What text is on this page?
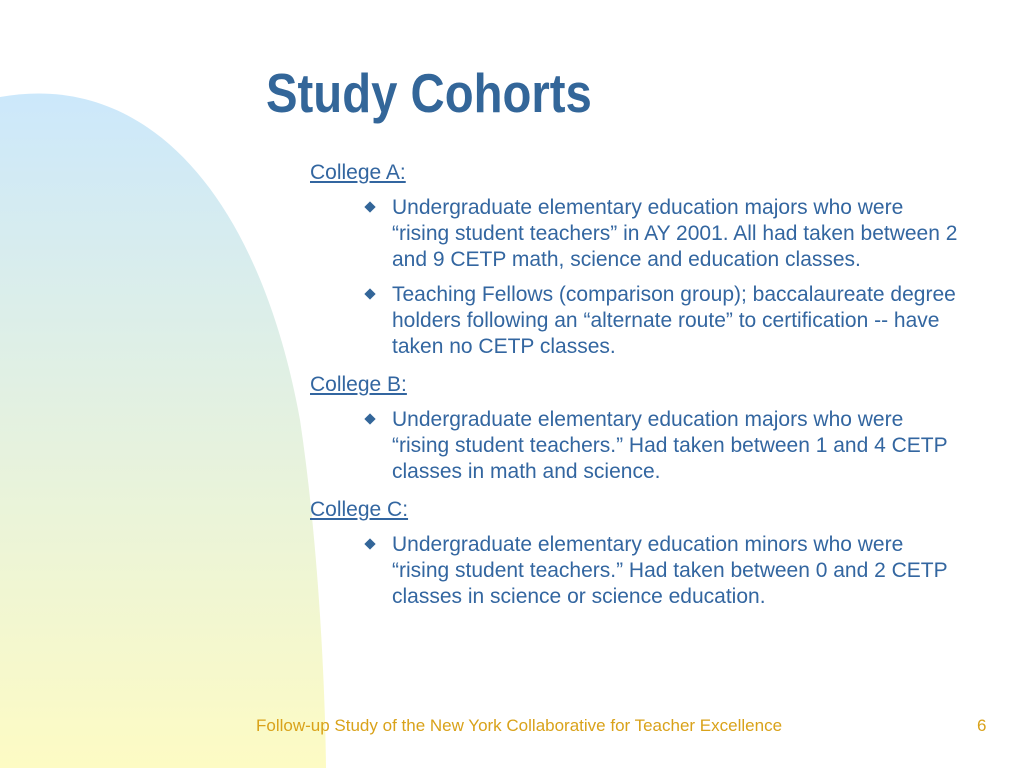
Study Cohorts
College A:
Undergraduate elementary education majors who were “rising student teachers” in AY 2001. All had taken between 2 and 9 CETP math, science and education classes.
Teaching Fellows (comparison group); baccalaureate degree holders following an “alternate route” to certification -- have taken no CETP classes.
College B:
Undergraduate elementary education majors who were “rising student teachers.” Had taken between 1 and 4 CETP classes in math and science.
College C:
Undergraduate elementary education minors who were “rising student teachers.” Had taken between 0 and 2 CETP classes in science or science education.
Follow-up Study of the New York Collaborative for Teacher Excellence	6
